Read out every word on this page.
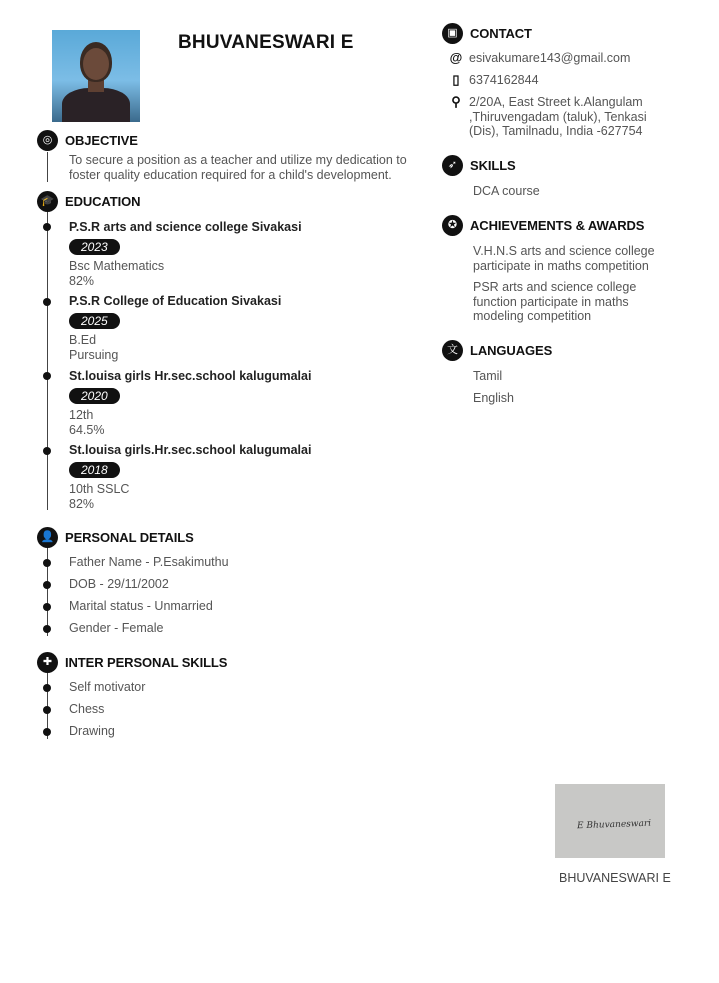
BHUVANESWARI E
◎ OBJECTIVE
To secure a position as a teacher and utilize my dedication to
foster quality education required for a child's development.
🎓 EDUCATION
P.S.R arts and science college Sivakasi
2023
Bsc Mathematics
82%
P.S.R College of Education Sivakasi
2025
B.Ed
Pursuing
St.louisa girls Hr.sec.school kalugumalai
2020
12th
64.5%
St.louisa girls.Hr.sec.school kalugumalai
2018
10th SSLC
82%
👤 PERSONAL DETAILS
Father Name - P.Esakimuthu
DOB - 29/11/2002
Marital status - Unmarried
Gender - Female
✚ INTER PERSONAL SKILLS
Self motivator
Chess
Drawing
▣ CONTACT
@ esivakumare143@gmail.com
▯ 6374162844
⚲ 2/20A, East Street k.Alangulam
,Thiruvengadam (taluk), Tenkasi
(Dis), Tamilnadu, India -627754
➶ SKILLS
DCA course
✪ ACHIEVEMENTS & AWARDS
V.H.N.S arts and science college
participate in maths competition
PSR arts and science college
function participate in maths
modeling competition
文 LANGUAGES
Tamil
English
E Bhuvaneswari
BHUVANESWARI E
